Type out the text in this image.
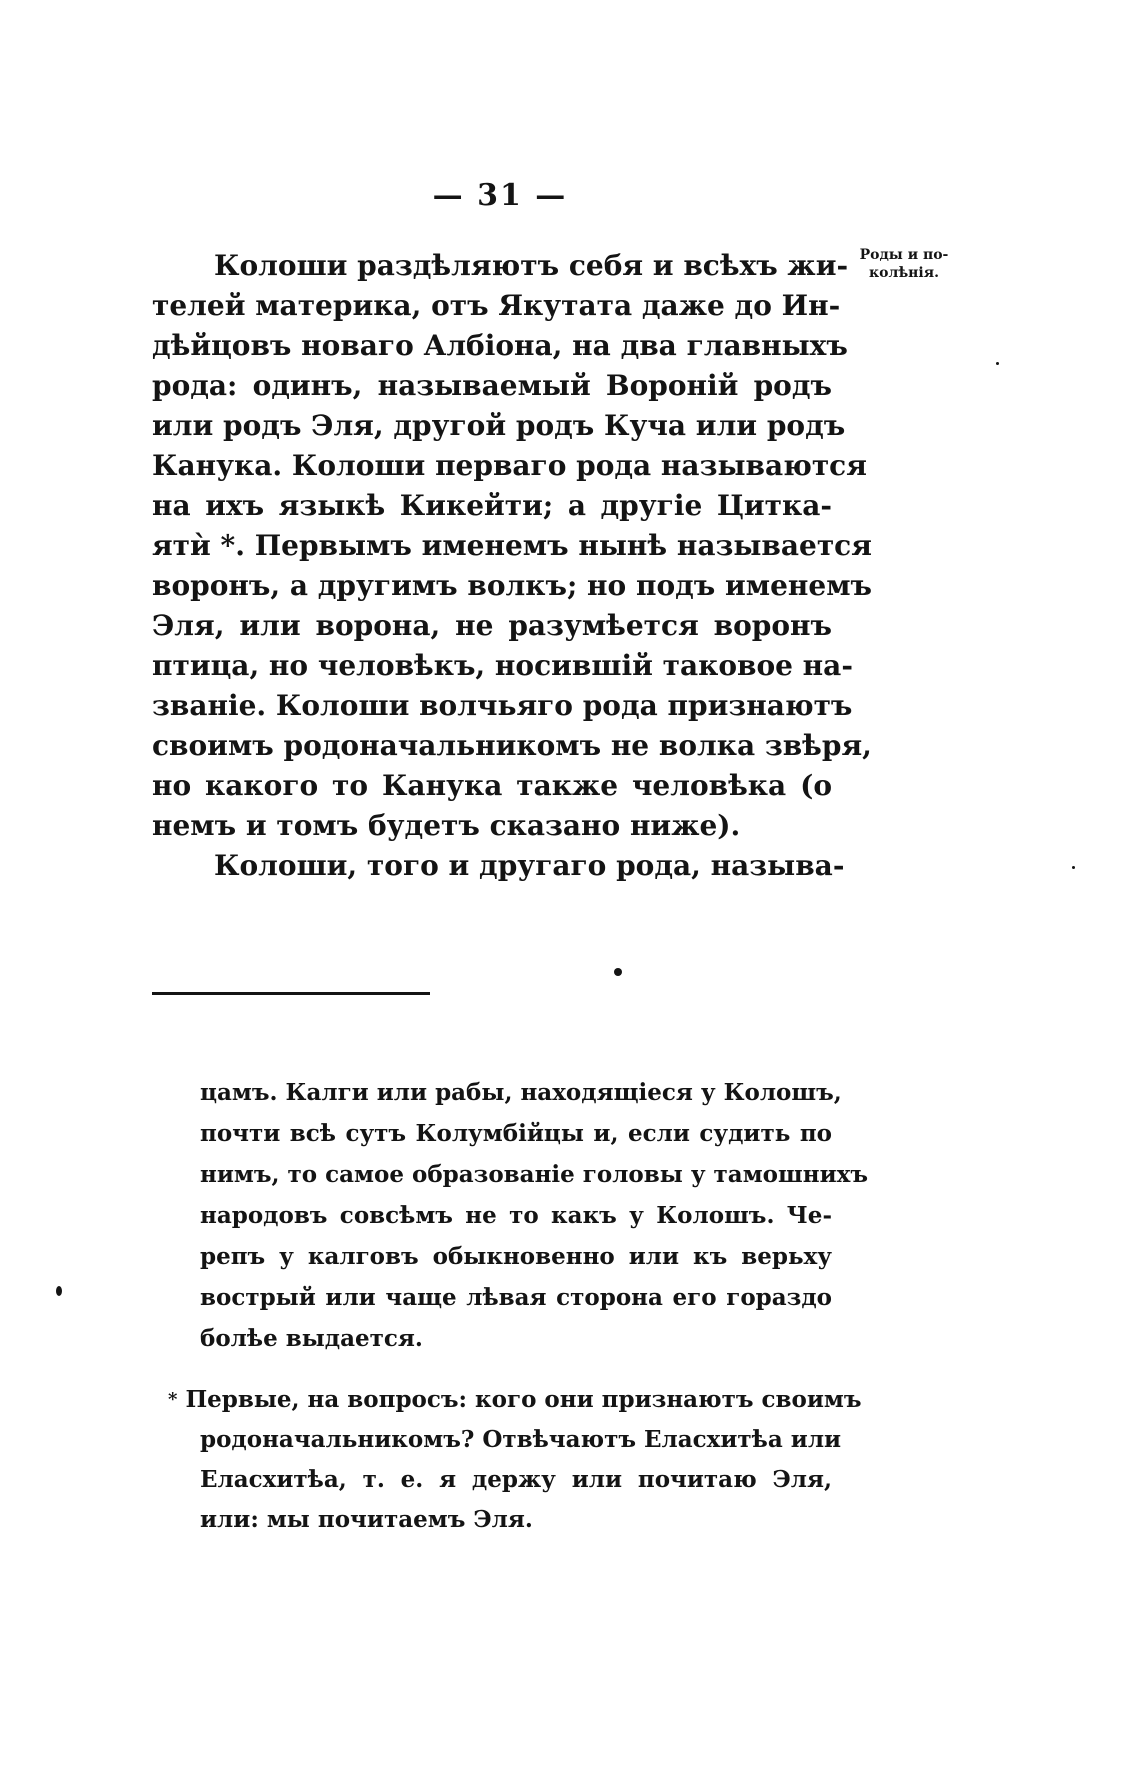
— 31 —
Роды и по-
колѣнія.
Колоши раздѣляютъ себя и всѣхъ жи-
телей материка, отъ Якутата даже до Ин-
дѣйцовъ новаго Албіона, на два главныхъ
рода: одинъ, называемый Вороній родъ
или родъ Эля, другой родъ Куча или родъ
Канука. Колоши перваго рода называются
на ихъ языкѣ Кикейти; а другіе Цитка-
ятѝ *. Первымъ именемъ нынѣ называется
воронъ, а другимъ волкъ; но подъ именемъ
Эля, или ворона, не разумѣется воронъ
птица, но человѣкъ, носившій таковое на-
званіе. Колоши волчьяго рода признаютъ
своимъ родоначальникомъ не волка звѣря,
но какого то Канука также человѣка (о
немъ и томъ будетъ сказано ниже).
Колоши, того и другаго рода, называ-
цамъ. Калги или рабы, находящіеся у Колошъ,
почти всѣ сутъ Колумбійцы и, если судить по
нимъ, то самое образованіе головы у тамошнихъ
народовъ совсѣмъ не то какъ у Колошъ. Че-
репъ у калговъ обыкновенно или къ верьху
вострый или чаще лѣвая сторона его гораздо
болѣе выдается.
* Первые, на вопросъ: кого они признаютъ своимъ
родоначальникомъ? Отвѣчаютъ Еласхитѣа или
Еласхитѣа, т. е. я держу или почитаю Эля,
или: мы почитаемъ Эля.
